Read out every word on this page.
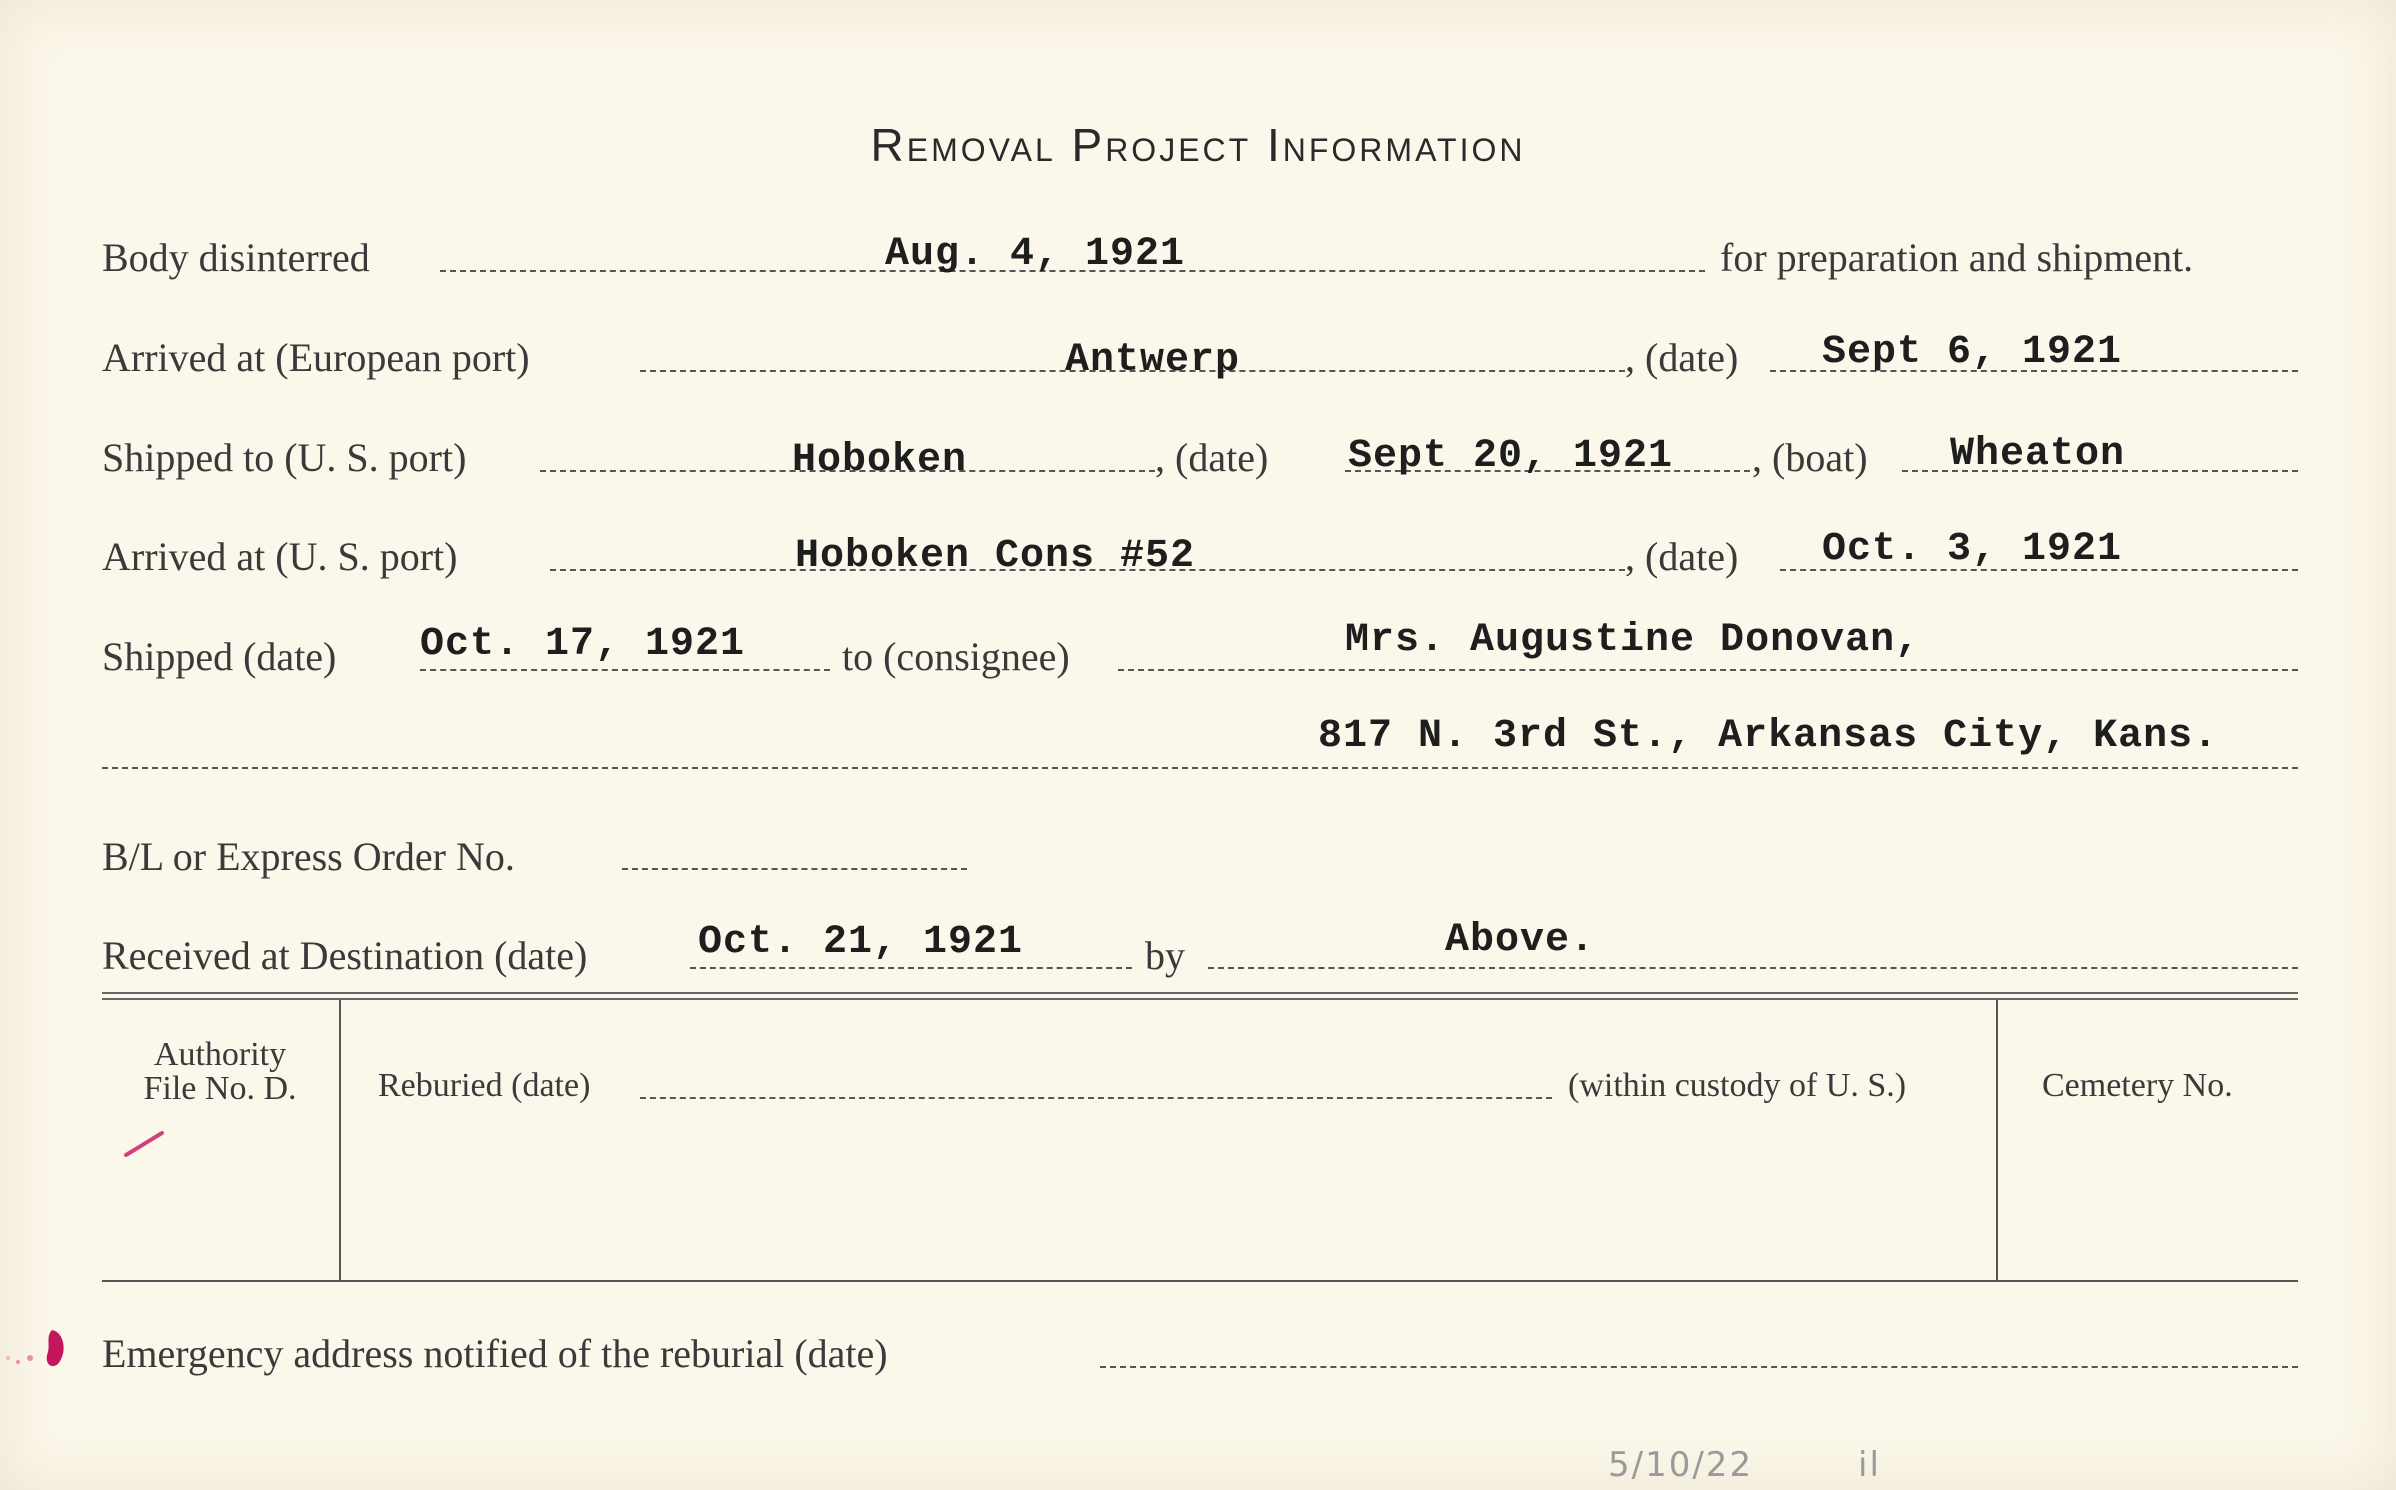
Removal Project Information
Body disinterred	Aug. 4, 1921	for preparation and shipment.
Arrived at (European port)	Antwerp	, (date) Sept 6, 1921
Shipped to (U. S. port)	Hoboken	, (date) Sept 20, 1921 , (boat) Wheaton
Arrived at (U. S. port)	Hoboken Cons #52	, (date) Oct. 3, 1921
Shipped (date) Oct. 17, 1921 to (consignee)	Mrs. Augustine Donovan,
817 N. 3rd St., Arkansas City, Kans.
B/L or Express Order No.
Received at Destination (date)	Oct. 21, 1921	by	Above.
Authority
File No. D.	Reburied (date)	(within custody of U. S.)	Cemetery No.
Emergency address notified of the reburial (date)
5/10/22	il
